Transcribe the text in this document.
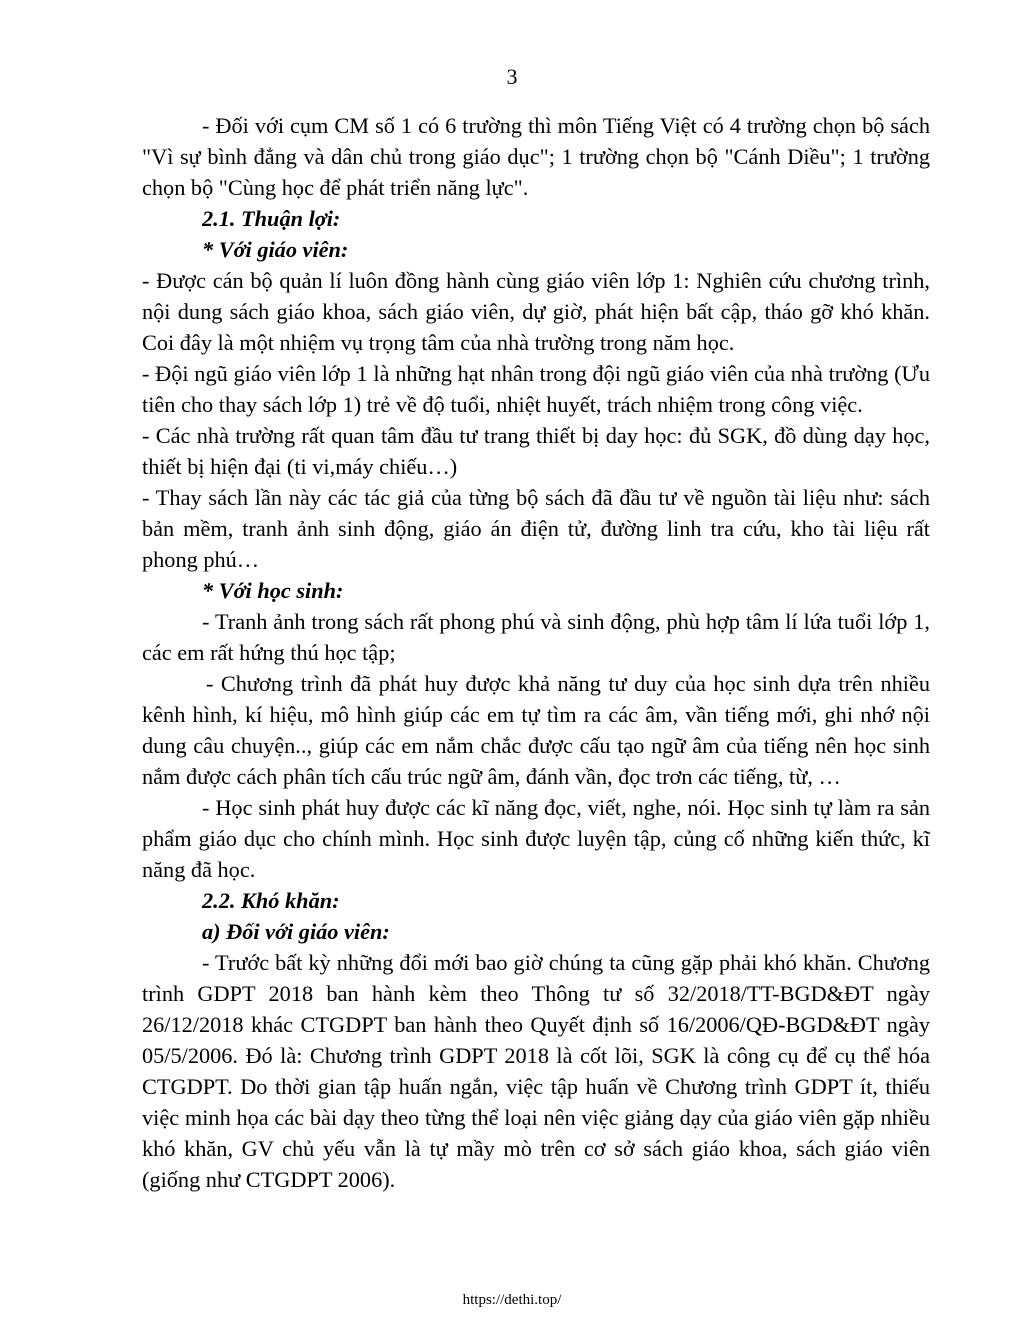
3

- Đối với cụm CM số 1 có 6 trường thì môn Tiếng Việt có 4 trường chọn bộ sách "Vì sự bình đẳng và dân chủ trong giáo dục"; 1 trường chọn bộ "Cánh Diều"; 1 trường chọn bộ "Cùng học để phát triển năng lực".

2.1. Thuận lợi:

* Với giáo viên:

- Được cán bộ quản lí luôn đồng hành cùng giáo viên lớp 1: Nghiên cứu chương trình, nội dung sách giáo khoa, sách giáo viên, dự giờ, phát hiện bất cập, tháo gỡ khó khăn. Coi đây là một nhiệm vụ trọng tâm của nhà trường trong năm học.

- Đội ngũ giáo viên lớp 1 là những hạt nhân trong đội ngũ giáo viên của nhà trường (Ưu tiên cho thay sách lớp 1) trẻ về độ tuổi, nhiệt huyết, trách nhiệm trong công việc.

- Các nhà trường rất quan tâm đầu tư trang thiết bị day học: đủ SGK, đồ dùng dạy học, thiết bị hiện đại (ti vi,máy chiếu…)

- Thay sách lần này các tác giả của từng bộ sách đã đầu tư về nguồn tài liệu như: sách bản mềm, tranh ảnh sinh động, giáo án điện tử, đường linh tra cứu, kho tài liệu rất phong phú…

* Với học sinh:

- Tranh ảnh trong sách rất phong phú và sinh động, phù hợp tâm lí lứa tuổi lớp 1, các em rất hứng thú học tập;

- Chương trình đã phát huy được khả năng tư duy của học sinh dựa trên nhiều kênh hình, kí hiệu, mô hình giúp các em tự tìm ra các âm, vần tiếng mới, ghi nhớ nội dung câu chuyện.., giúp các em nắm chắc được cấu tạo ngữ âm của tiếng nên học sinh nắm được cách phân tích cấu trúc ngữ âm, đánh vần, đọc trơn các tiếng, từ, …

- Học sinh phát huy được các kĩ năng đọc, viết, nghe, nói. Học sinh tự làm ra sản phẩm giáo dục cho chính mình. Học sinh được luyện tập, củng cố những kiến thức, kĩ năng đã học.

2.2. Khó khăn:

a) Đối với giáo viên:

- Trước bất kỳ những đổi mới bao giờ chúng ta cũng gặp phải khó khăn. Chương trình GDPT 2018 ban hành kèm theo Thông tư số 32/2018/TT-BGD&ĐT ngày 26/12/2018 khác CTGDPT ban hành theo Quyết định số 16/2006/QĐ-BGD&ĐT ngày 05/5/2006. Đó là: Chương trình GDPT 2018 là cốt lõi, SGK là công cụ để cụ thể hóa CTGDPT. Do thời gian tập huấn ngắn, việc tập huấn về Chương trình GDPT ít, thiếu việc minh họa các bài dạy theo từng thể loại nên việc giảng dạy của giáo viên gặp nhiều khó khăn, GV chủ yếu vẫn là tự mầy mò trên cơ sở sách giáo khoa, sách giáo viên (giống như CTGDPT 2006).

https://dethi.top/
